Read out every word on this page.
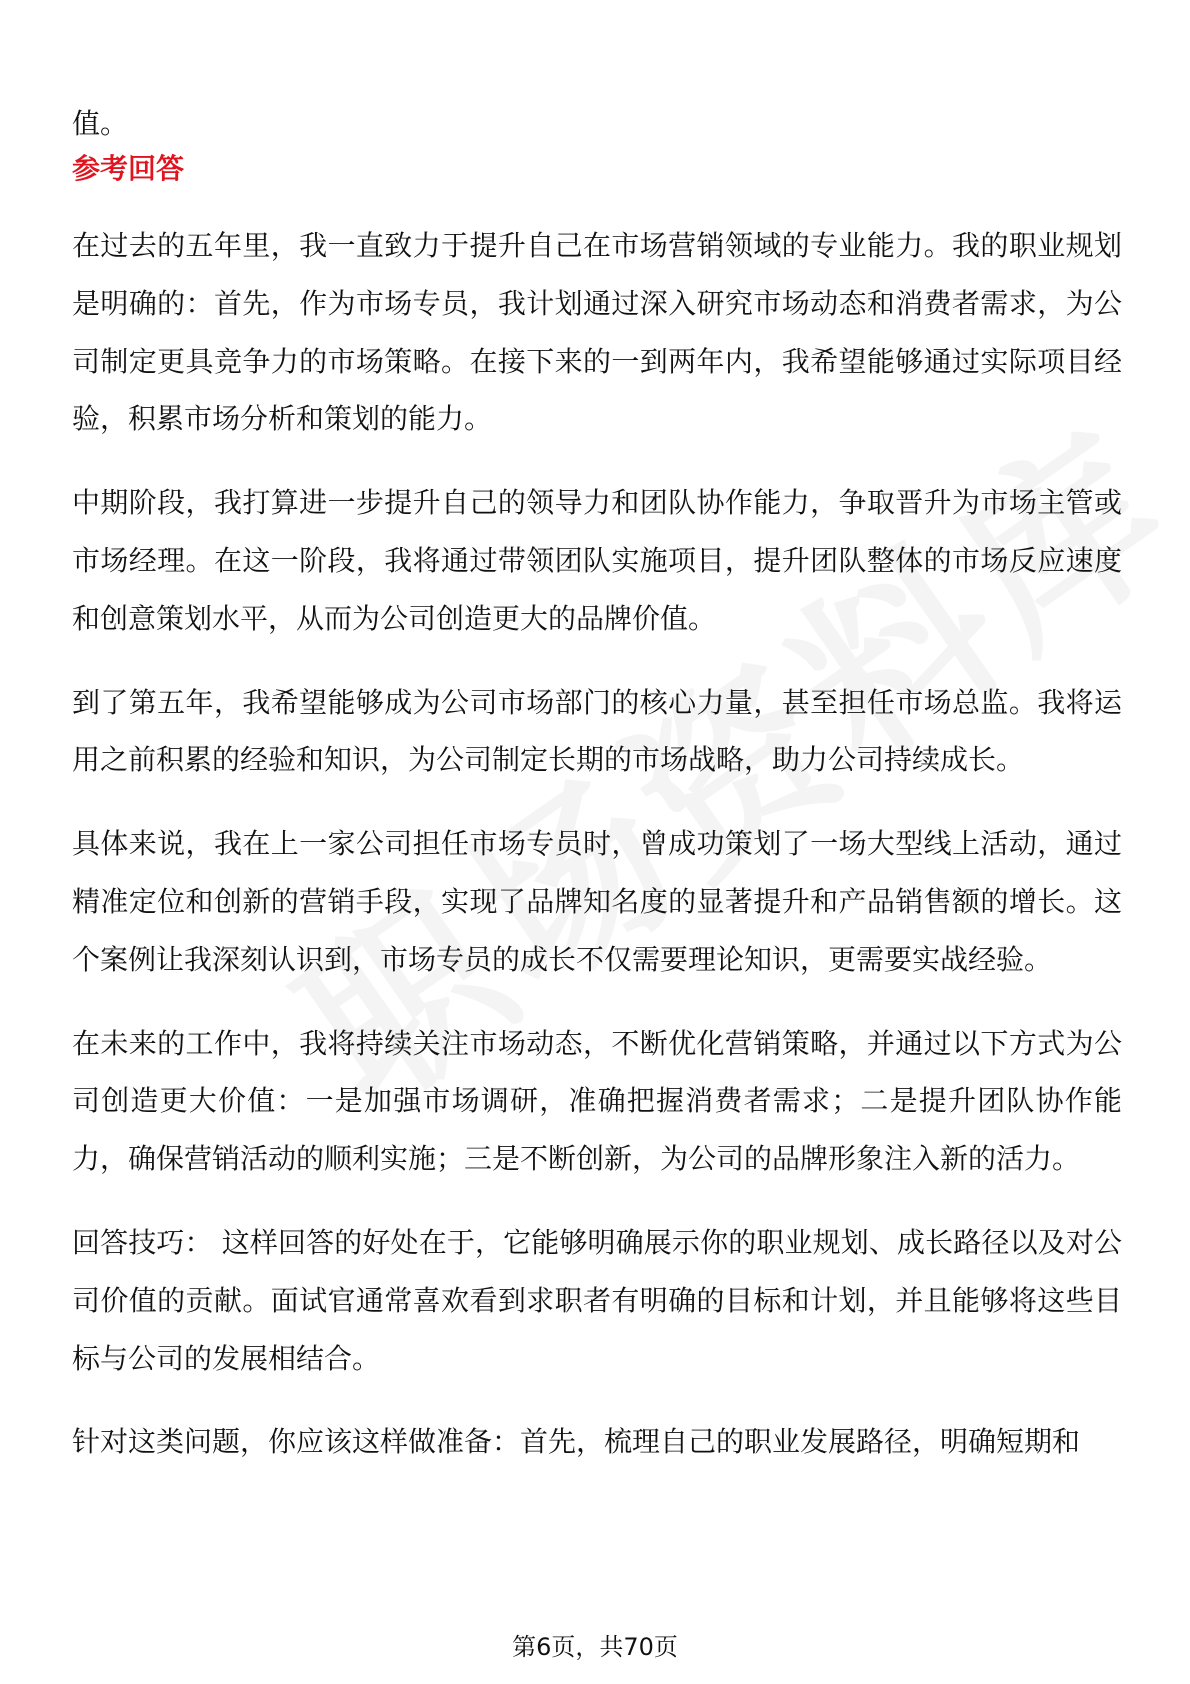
值。
参考回答

在过去的五年里，我一直致力于提升自己在市场营销领域的专业能力。我的职业规划是明确的：首先，作为市场专员，我计划通过深入研究市场动态和消费者需求，为公司制定更具竞争力的市场策略。在接下来的一到两年内，我希望能够通过实际项目经验，积累市场分析和策划的能力。

中期阶段，我打算进一步提升自己的领导力和团队协作能力，争取晋升为市场主管或市场经理。在这一阶段，我将通过带领团队实施项目，提升团队整体的市场反应速度和创意策划水平，从而为公司创造更大的品牌价值。

到了第五年，我希望能够成为公司市场部门的核心力量，甚至担任市场总监。我将运用之前积累的经验和知识，为公司制定长期的市场战略，助力公司持续成长。

具体来说，我在上一家公司担任市场专员时，曾成功策划了一场大型线上活动，通过精准定位和创新的营销手段，实现了品牌知名度的显著提升和产品销售额的增长。这个案例让我深刻认识到，市场专员的成长不仅需要理论知识，更需要实战经验。

在未来的工作中，我将持续关注市场动态，不断优化营销策略，并通过以下方式为公司创造更大价值：一是加强市场调研，准确把握消费者需求；二是提升团队协作能力，确保营销活动的顺利实施；三是不断创新，为公司的品牌形象注入新的活力。

回答技巧： 这样回答的好处在于，它能够明确展示你的职业规划、成长路径以及对公司价值的贡献。面试官通常喜欢看到求职者有明确的目标和计划，并且能够将这些目标与公司的发展相结合。

针对这类问题，你应该这样做准备：首先，梳理自己的职业发展路径，明确短期和

第6页，共70页
